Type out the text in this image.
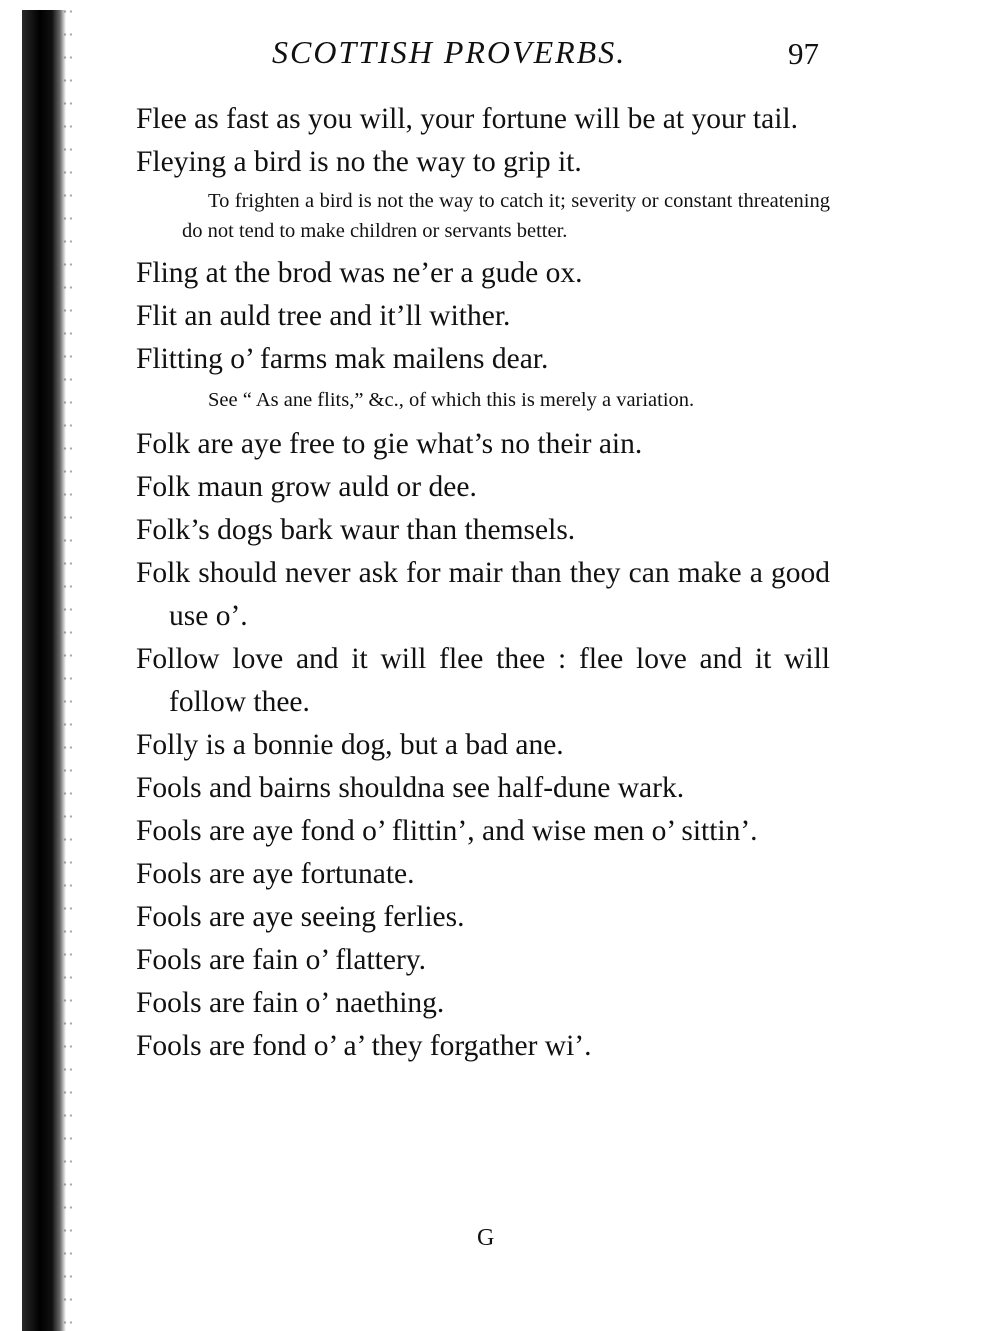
SCOTTISH PROVERBS.	97

Flee as fast as you will, your fortune will be at your tail.

Fleying a bird is no the way to grip it.

To frighten a bird is not the way to catch it; severity or constant threatening do not tend to make children or servants better.

Fling at the brod was ne’er a gude ox.

Flit an auld tree and it’ll wither.

Flitting o’ farms mak mailens dear.

See “ As ane flits,” &c., of which this is merely a variation.

Folk are aye free to gie what’s no their ain.

Folk maun grow auld or dee.

Folk’s dogs bark waur than themsels.

Folk should never ask for mair than they can make a good use o’.

Follow love and it will flee thee : flee love and it will follow thee.

Folly is a bonnie dog, but a bad ane.

Fools and bairns shouldna see half-dune wark.

Fools are aye fond o’ flittin’, and wise men o’ sittin’.

Fools are aye fortunate.

Fools are aye seeing ferlies.

Fools are fain o’ flattery.

Fools are fain o’ naething.

Fools are fond o’ a’ they forgather wi’.

G
